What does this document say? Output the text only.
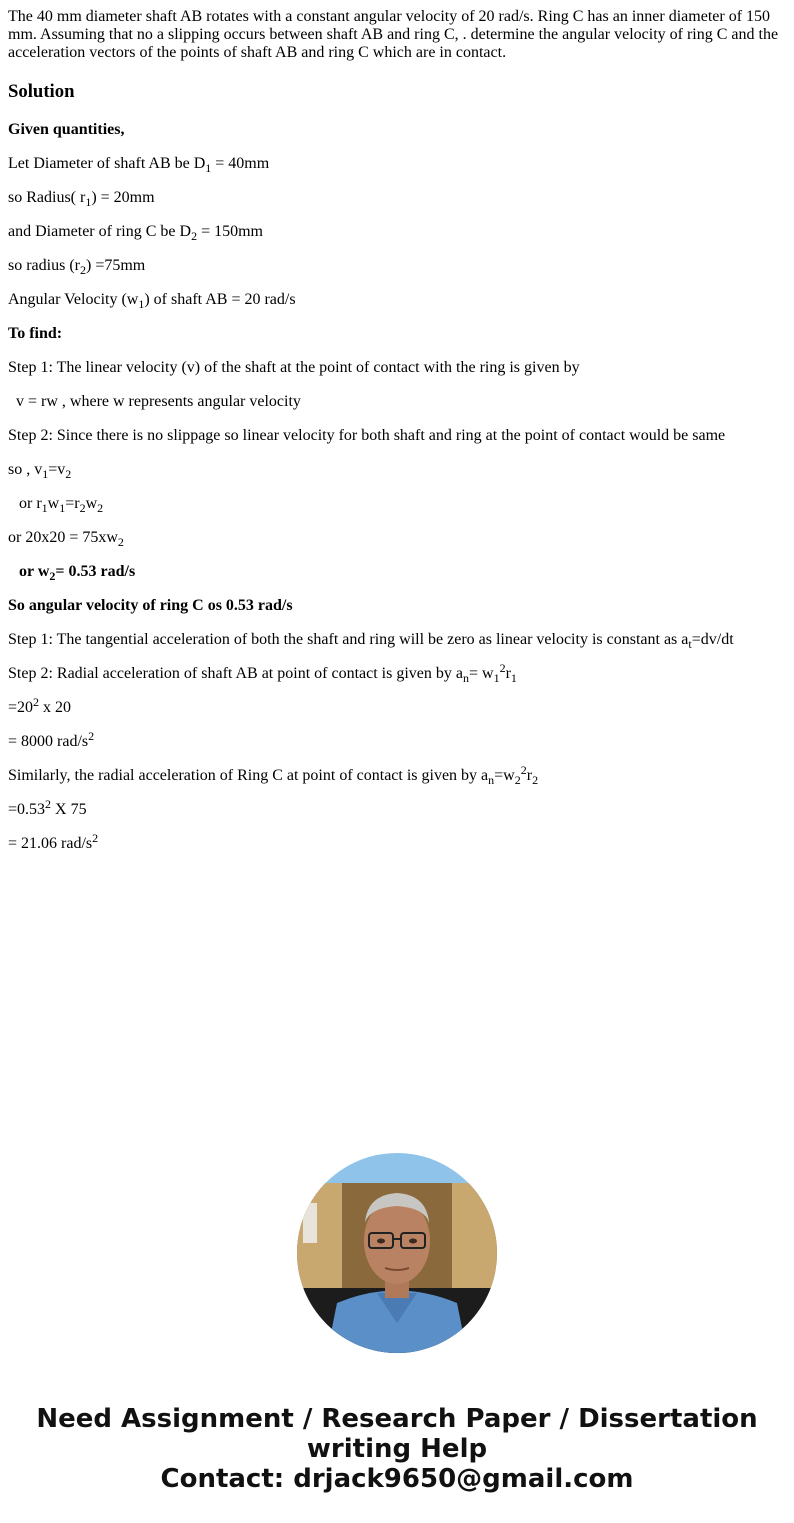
The 40 mm diameter shaft AB rotates with a constant angular velocity of 20 rad/s. Ring C has an inner diameter of 150 mm. Assuming that no a slipping occurs between shaft AB and ring C, . determine the angular velocity of ring C and the acceleration vectors of the points of shaft AB and ring C which are in contact.

Solution

Given quantities,

Let Diameter of shaft AB be $D_1 = 40mm$

so Radius( $r_1) = 20mm$

and Diameter of ring C be $D_2 = 150mm$

so radius $(r_2) =75mm$

Angular Velocity $(w_1)$ of shaft AB = 20 rad/s

To find:

Step 1: The linear velocity (v) of the shaft at the point of contact with the ring is given by

v = rw , where w represents angular velocity

Step 2: Since there is no slippage so linear velocity for both shaft and ring at the point of contact would be same

so , $v_1=v_2$

or $r_1w_1=r_2w_2$

or $20x20 = 75xw_2$

or $w_2= 0.53$ rad/s

So angular velocity of ring C os 0.53 rad/s

Step 1: The tangential acceleration of both the shaft and ring will be zero as linear velocity is constant as $a_t=dv/dt$

Step 2: Radial acceleration of shaft AB at point of contact is given by $a_n= w_1^2r_1$

$=20^2$ x 20

= 8000 rad/$s^2$

Similarly, the radial acceleration of Ring C at point of contact is given by $a_n=w_2^2r_2$

$=0.53^2$ X 75

= 21.06 rad/$s^2$

Need Assignment / Research Paper / Dissertation
writing Help
Contact: drjack9650@gmail.com
